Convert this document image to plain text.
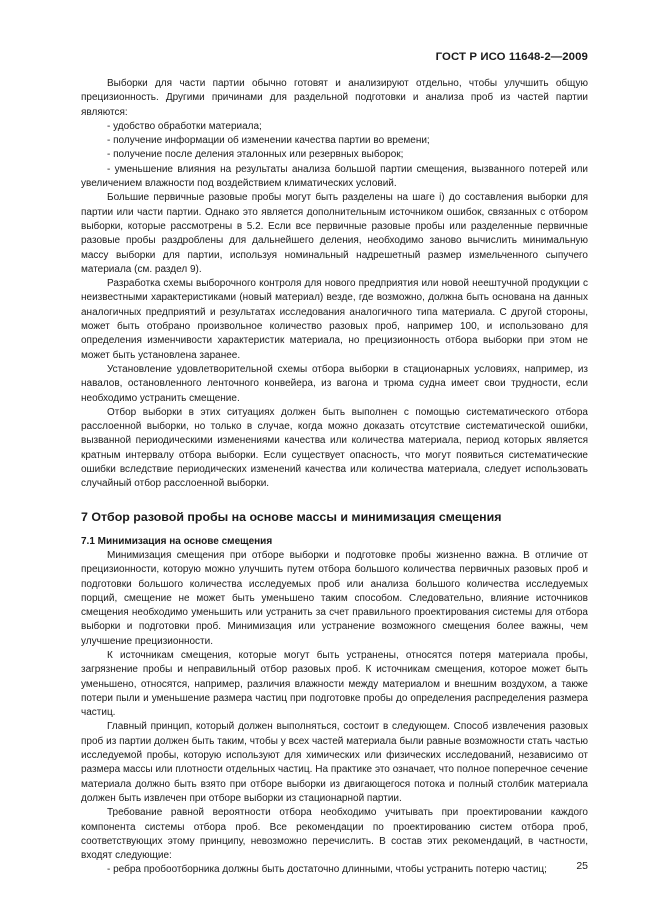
ГОСТ Р ИСО 11648-2—2009

Выборки для части партии обычно готовят и анализируют отдельно, чтобы улучшить общую прецизионность. Другими причинами для раздельной подготовки и анализа проб из частей партии являются:

- удобство обработки материала;

- получение информации об изменении качества партии во времени;

- получение после деления эталонных или резервных выборок;

- уменьшение влияния на результаты анализа большой партии смещения, вызванного потерей или увеличением влажности под воздействием климатических условий.

Большие первичные разовые пробы могут быть разделены на шаге i) до составления выборки для партии или части партии. Однако это является дополнительным источником ошибок, связанных с отбором выборки, которые рассмотрены в 5.2. Если все первичные разовые пробы или разделенные первичные разовые пробы раздроблены для дальнейшего деления, необходимо заново вычислить минимальную массу выборки для партии, используя номинальный надрешетный размер измельченного сыпучего материала (см. раздел 9).

Разработка схемы выборочного контроля для нового предприятия или новой неештучной продукции с неизвестными характеристиками (новый материал) везде, где возможно, должна быть основана на данных аналогичных предприятий и результатах исследования аналогичного типа материала. С другой стороны, может быть отобрано произвольное количество разовых проб, например 100, и использовано для определения изменчивости характеристик материала, но прецизионность отбора выборки при этом не может быть установлена заранее.

Установление удовлетворительной схемы отбора выборки в стационарных условиях, например, из навалов, остановленного ленточного конвейера, из вагона и трюма судна имеет свои трудности, если необходимо устранить смещение.

Отбор выборки в этих ситуациях должен быть выполнен с помощью систематического отбора расслоенной выборки, но только в случае, когда можно доказать отсутствие систематической ошибки, вызванной периодическими изменениями качества или количества материала, период которых является кратным интервалу отбора выборки. Если существует опасность, что могут появиться систематические ошибки вследствие периодических изменений качества или количества материала, следует использовать случайный отбор расслоенной выборки.

7 Отбор разовой пробы на основе массы и минимизация смещения

7.1 Минимизация на основе смещения

Минимизация смещения при отборе выборки и подготовке пробы жизненно важна. В отличие от прецизионности, которую можно улучшить путем отбора большого количества первичных разовых проб и подготовки большого количества исследуемых проб или анализа большого количества исследуемых порций, смещение не может быть уменьшено таким способом. Следовательно, влияние источников смещения необходимо уменьшить или устранить за счет правильного проектирования системы для отбора выборки и подготовки проб. Минимизация или устранение возможного смещения более важны, чем улучшение прецизионности.

К источникам смещения, которые могут быть устранены, относятся потеря материала пробы, загрязнение пробы и неправильный отбор разовых проб. К источникам смещения, которое может быть уменьшено, относятся, например, различия влажности между материалом и внешним воздухом, а также потери пыли и уменьшение размера частиц при подготовке пробы до определения распределения размера частиц.

Главный принцип, который должен выполняться, состоит в следующем. Способ извлечения разовых проб из партии должен быть таким, чтобы у всех частей материала были равные возможности стать частью исследуемой пробы, которую используют для химических или физических исследований, независимо от размера массы или плотности отдельных частиц. На практике это означает, что полное поперечное сечение материала должно быть взято при отборе выборки из двигающегося потока и полный столбик материала должен быть извлечен при отборе выборки из стационарной партии.

Требование равной вероятности отбора необходимо учитывать при проектировании каждого компонента системы отбора проб. Все рекомендации по проектированию систем отбора проб, соответствующих этому принципу, невозможно перечислить. В состав этих рекомендаций, в частности, входят следующие:

- ребра пробоотборника должны быть достаточно длинными, чтобы устранить потерю частиц;	25
